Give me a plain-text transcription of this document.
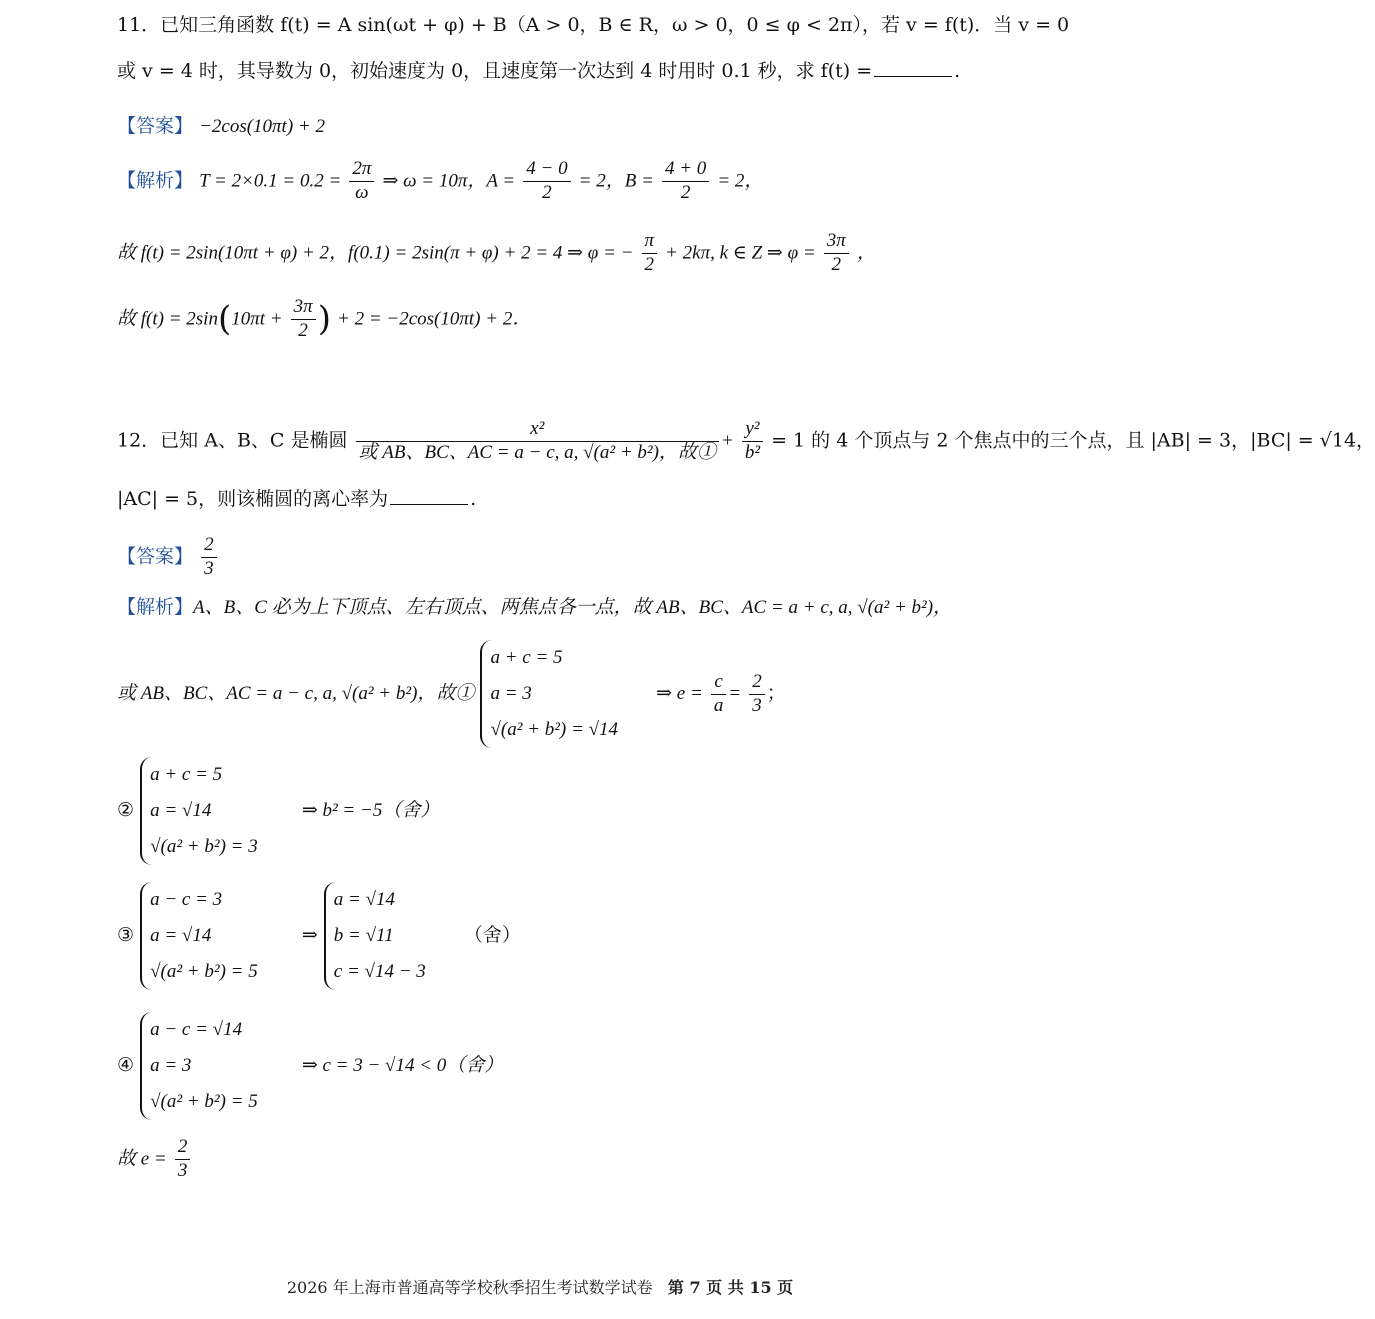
11．已知三角函数 f(t) = A sin(ωt + φ) + B（A > 0，B ∈ R，ω > 0，0 ≤ φ < 2π），若 v = f(t)．当 v = 0
或 v = 4 时，其导数为 0，初始速度为 0，且速度第一次达到 4 时用时 0.1 秒，求 f(t) =	.
【答案】 −2cos(10πt) + 2
【解析】 $T = 2\times 0.1 = 0.2 = \frac{2\pi}{\omega}$ ⇒ ω = 10π，$A = \frac{4 - 0}{2} = 2$，$B = \frac{4 + 0}{2} = 2$，
故 f(t) = 2sin(10πt + φ) + 2，f(0.1) = 2sin(π + φ) + 2 = 4 ⇒ φ = − $\frac{\pi}{2} + 2k\pi$, k ∈ Z ⇒ $\varphi = \frac{3\pi}{2}$ ，
故 $f(t) = 2\sin(10\pi t + \frac{3\pi}{2}$ ) + 2 = −2cos(10πt) + 2．
12．已知 A、B、C 是椭圆 $\frac{\text{x²}}{\text{或 AB、BC、AC = a − c, a, √(a² + b²)，故①}} + \frac{\text{y²}}{\text{b²}} = 1$ 的 4 个顶点与 2 个焦点中的三个点，且 |AB| = 3，|BC| = √14，
|AC| = 5，则该椭圆的离心率为	.
【答案】 $\frac{2}{3}$
【解析】A、B、C 必为上下顶点、左右顶点、两焦点各一点，故 AB、BC、AC = a + c, a, √(a² + b²)，
或 AB、BC、AC = a − c, a, √(a² + b²)，故①
a + c = 5
a = 3
√(a² + b²) = √14
⇒ $e = \frac{c}{a} = \frac{2}{3}$ ；
②
a + c = 5
a = √14
√(a² + b²) = 3
⇒ b² = −5（舍）
③
a − c = 3
a = √14
√(a² + b²) = 5
⇒
a = √14
b = √11
c = √14 − 3
（舍）
④
a − c = √14
a = 3
√(a² + b²) = 5
⇒ c = 3 − √14 < 0（舍）
故 $e = \frac{2}{3}$
2026 年上海市普通高等学校秋季招生考试数学试卷 第 7 页 共 15 页
